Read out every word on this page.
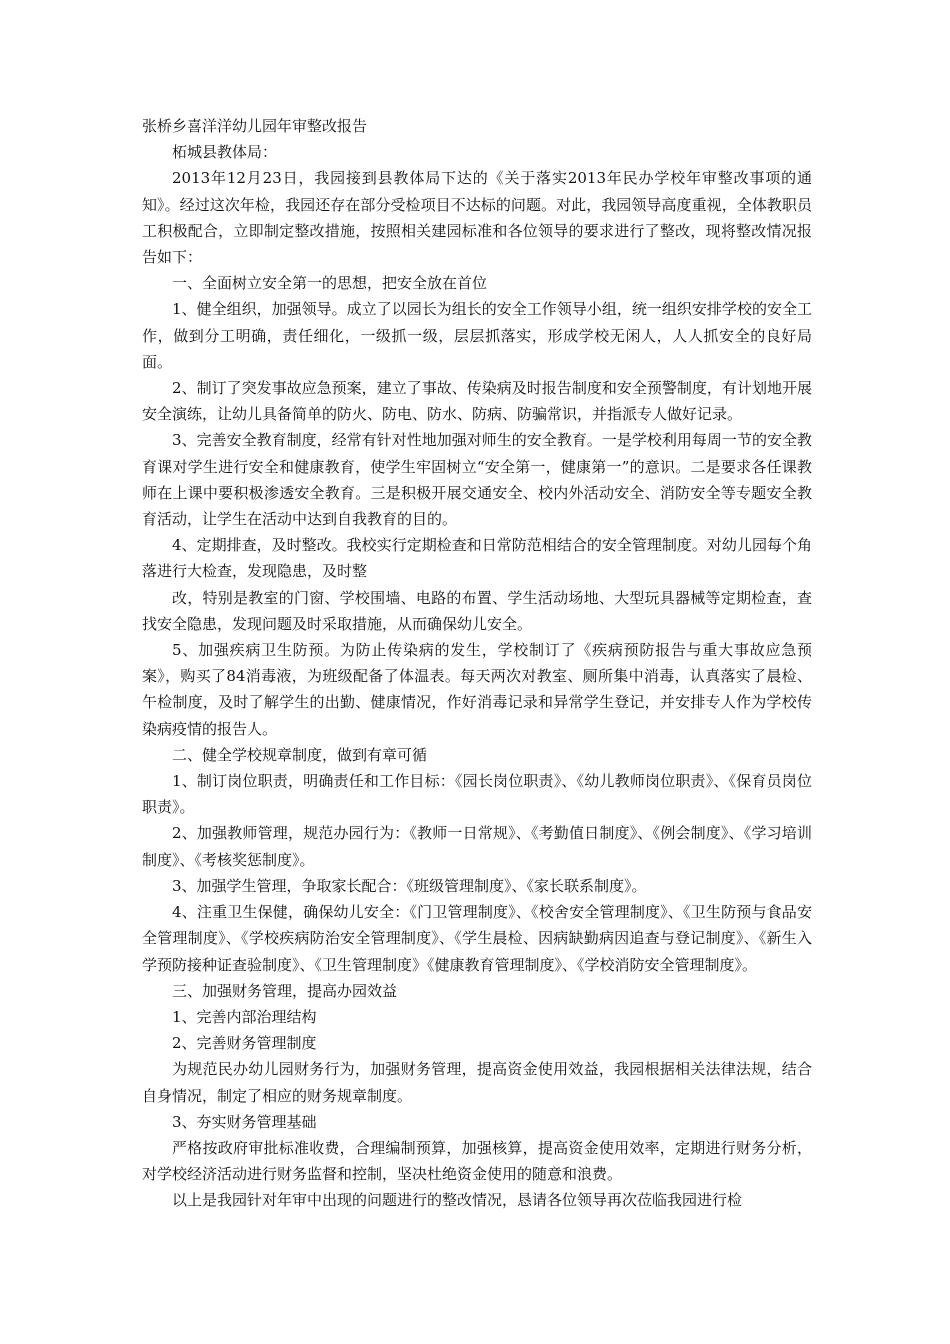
张桥乡喜洋洋幼儿园年审整改报告

柘城县教体局：

2013年12月23日，我园接到县教体局下达的《关于落实2013年民办学校年审整改事项的通知》。经过这次年检，我园还存在部分受检项目不达标的问题。对此，我园领导高度重视，全体教职员工积极配合，立即制定整改措施，按照相关建园标准和各位领导的要求进行了整改，现将整改情况报告如下：

一、全面树立安全第一的思想，把安全放在首位

1、健全组织，加强领导。成立了以园长为组长的安全工作领导小组，统一组织安排学校的安全工作，做到分工明确，责任细化，一级抓一级，层层抓落实，形成学校无闲人，人人抓安全的良好局面。

2、制订了突发事故应急预案，建立了事故、传染病及时报告制度和安全预警制度，有计划地开展安全演练，让幼儿具备简单的防火、防电、防水、防病、防骗常识，并指派专人做好记录。

3、完善安全教育制度，经常有针对性地加强对师生的安全教育。一是学校利用每周一节的安全教育课对学生进行安全和健康教育，使学生牢固树立“安全第一，健康第一”的意识。二是要求各任课教师在上课中要积极渗透安全教育。三是积极开展交通安全、校内外活动安全、消防安全等专题安全教育活动，让学生在活动中达到自我教育的目的。

4、定期排查，及时整改。我校实行定期检查和日常防范相结合的安全管理制度。对幼儿园每个角落进行大检查，发现隐患，及时整

改，特别是教室的门窗、学校围墙、电路的布置、学生活动场地、大型玩具器械等定期检查，查找安全隐患，发现问题及时采取措施，从而确保幼儿安全。

5、加强疾病卫生防预。为防止传染病的发生，学校制订了《疾病预防报告与重大事故应急预案》，购买了84消毒液，为班级配备了体温表。每天两次对教室、厕所集中消毒，认真落实了晨检、午检制度，及时了解学生的出勤、健康情况，作好消毒记录和异常学生登记，并安排专人作为学校传染病疫情的报告人。

二、健全学校规章制度，做到有章可循

1、制订岗位职责，明确责任和工作目标：《园长岗位职责》、《幼儿教师岗位职责》、《保育员岗位职责》。

2、加强教师管理，规范办园行为：《教师一日常规》、《考勤值日制度》、《例会制度》、《学习培训制度》、《考核奖惩制度》。

3、加强学生管理，争取家长配合：《班级管理制度》、《家长联系制度》。

4、注重卫生保健，确保幼儿安全：《门卫管理制度》、《校舍安全管理制度》、《卫生防预与食品安全管理制度》、《学校疾病防治安全管理制度》、《学生晨检、因病缺勤病因追查与登记制度》、《新生入学预防接种证查验制度》、《卫生管理制度》《健康教育管理制度》、《学校消防安全管理制度》。

三、加强财务管理，提高办园效益

1、完善内部治理结构

2、完善财务管理制度

为规范民办幼儿园财务行为，加强财务管理，提高资金使用效益，我园根据相关法律法规，结合自身情况，制定了相应的财务规章制度。

3、夯实财务管理基础

严格按政府审批标准收费，合理编制预算，加强核算，提高资金使用效率，定期进行财务分析，对学校经济活动进行财务监督和控制，坚决杜绝资金使用的随意和浪费。

以上是我园针对年审中出现的问题进行的整改情况，恳请各位领导再次莅临我园进行检
